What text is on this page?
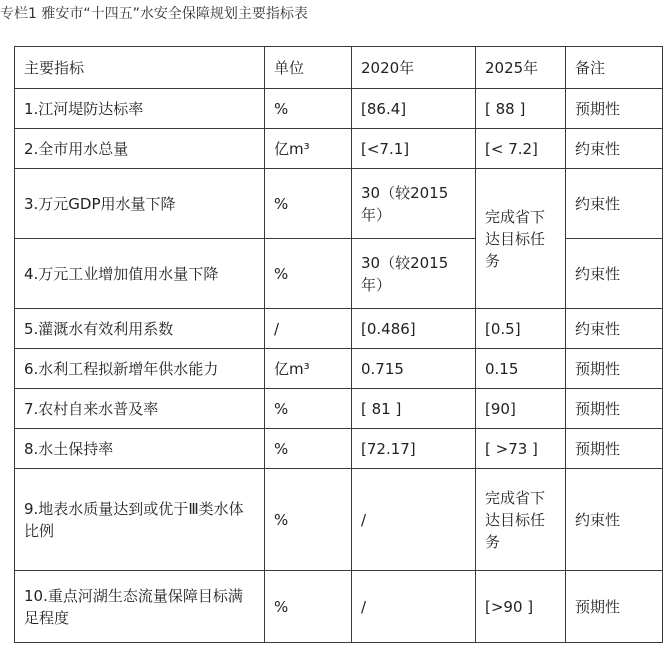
专栏1 雅安市“十四五”水安全保障规划主要指标表
主要指标	单位	2020年	2025年	备注
1.江河堤防达标率	%	[86.4]	[ 88 ]	预期性
2.全市用水总量	亿m³	[<7.1]	[< 7.2]	约束性
3.万元GDP用水量下降	%	30（较2015年）	完成省下达目标任务	约束性
4.万元工业增加值用水量下降	%	30（较2015年）		约束性
5.灌溉水有效利用系数	/	[0.486]	[0.5]	约束性
6.水利工程拟新增年供水能力	亿m³	0.715	0.15	预期性
7.农村自来水普及率	%	[ 81 ]	[90]	预期性
8.水土保持率	%	[72.17]	[ >73 ]	预期性
9.地表水质量达到或优于Ⅲ类水体比例	%	/	完成省下达目标任务	约束性
10.重点河湖生态流量保障目标满足程度	%	/	[>90 ]	预期性
